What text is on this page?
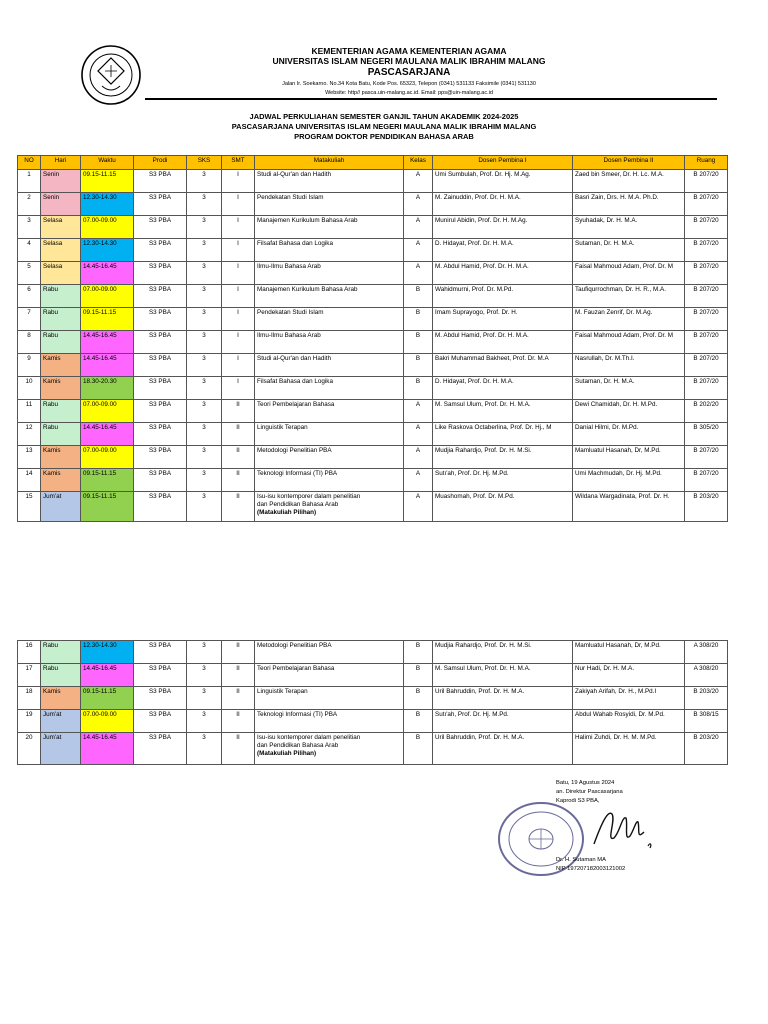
KEMENTERIAN AGAMA KEMENTERIAN AGAMA
UNIVERSITAS ISLAM NEGERI MAULANA MALIK IBRAHIM MALANG
PASCASARJANA
Jalan Ir. Soekarno. No.34 Kota Batu, Kode Pos. 65323, Telepon (0341) 531133 Faksimile (0341) 531130
Website: http// pasca.uin-malang.ac.id. Email: pps@uin-malang.ac.id
JADWAL PERKULIAHAN SEMESTER GANJIL TAHUN AKADEMIK 2024-2025
PASCASARJANA UNIVERSITAS ISLAM NEGERI MAULANA MALIK IBRAHIM MALANG
PROGRAM DOKTOR PENDIDIKAN BAHASA ARAB
NO	Hari	Waktu	Prodi	SKS	SMT	Matakuliah	Kelas	Dosen Pembina I	Dosen Pembina II	Ruang
1	Senin	09.15-11.15	S3 PBA	3	I	Studi al-Qur'an dan Hadith	A	Umi Sumbulah, Prof. Dr. Hj. M.Ag.	Zaed bin Smeer, Dr. H. Lc. M.A.	B 207/20
2	Senin	12.30-14.30	S3 PBA	3	I	Pendekatan Studi Islam	A	M. Zainuddin, Prof. Dr. H. M.A.	Basri Zain, Drs. H. M.A. Ph.D.	B 207/20
3	Selasa	07.00-09.00	S3 PBA	3	I	Manajemen Kurikulum Bahasa Arab	A	Munirul Abidin, Prof. Dr. H. M.Ag.	Syuhadak, Dr. H. M.A.	B 207/20
4	Selasa	12.30-14.30	S3 PBA	3	I	Filsafat Bahasa dan Logika	A	D. Hidayat, Prof. Dr. H. M.A.	Sutaman, Dr. H. M.A.	B 207/20
5	Selasa	14.45-16.45	S3 PBA	3	I	Ilmu-Ilmu Bahasa Arab	A	M. Abdul Hamid, Prof. Dr. H. M.A.	Faisal Mahmoud Adam, Prof. Dr. M	B 207/20
6	Rabu	07.00-09.00	S3 PBA	3	I	Manajemen Kurikulum Bahasa Arab	B	Wahidmurni, Prof. Dr. M.Pd.	Taufiqurrochman, Dr. H. R., M.A.	B 207/20
7	Rabu	09.15-11.15	S3 PBA	3	I	Pendekatan Studi Islam	B	Imam Suprayogo, Prof. Dr. H.	M. Fauzan Zenrif, Dr. M.Ag.	B 207/20
8	Rabu	14.45-16.45	S3 PBA	3	I	Ilmu-Ilmu Bahasa Arab	B	M. Abdul Hamid, Prof. Dr. H. M.A.	Faisal Mahmoud Adam, Prof. Dr. M	B 207/20
9	Kamis	14.45-16.45	S3 PBA	3	I	Studi al-Qur'an dan Hadith	B	Bakri Muhammad Bakheet, Prof. Dr. M.A	Nasrullah, Dr. M.Th.I.	B 207/20
10	Kamis	18.30-20.30	S3 PBA	3	I	Filsafat Bahasa dan Logika	B	D. Hidayat, Prof. Dr. H. M.A.	Sutaman, Dr. H. M.A.	B 207/20
11	Rabu	07.00-09.00	S3 PBA	3	II	Teori Pembelajaran Bahasa	A	M. Samsul Ulum, Prof. Dr. H. M.A.	Dewi Chamidah, Dr. H. M.Pd.	B 202/20
12	Rabu	14.45-16.45	S3 PBA	3	II	Linguistik Terapan	A	Like Raskova Octaberlina, Prof. Dr. Hj., M	Danial Hilmi, Dr. M.Pd.	B 305/20
13	Kamis	07.00-09.00	S3 PBA	3	II	Metodologi Penelitian PBA	A	Mudjia Rahardjo, Prof. Dr. H. M.Si.	Mamluatul Hasanah, Dr, M.Pd.	B 207/20
14	Kamis	09.15-11.15	S3 PBA	3	II	Teknologi Informasi (TI) PBA	A	Sutı'ah, Prof. Dr. Hj. M.Pd.	Umi Machmudah, Dr. Hj. M.Pd.	B 207/20
15	Jum'at	09.15-11.15	S3 PBA	3	II	Isu-isu kontemporer dalam penelitian
dan Pendidikan Bahasa Arab
(Matakuliah Pilihan)	A	Muashomah, Prof. Dr. M.Pd.	Wildana Wargadinata, Prof. Dr. H.	B 203/20
16	Rabu	12.30-14.30	S3 PBA	3	II	Metodologi Penelitian PBA	B	Mudjia Rahardjo, Prof. Dr. H. M.Si.	Mamluatul Hasanah, Dr, M.Pd.	A 308/20
17	Rabu	14.45-16.45	S3 PBA	3	II	Teori Pembelajaran Bahasa	B	M. Samsul Ulum, Prof. Dr. H. M.A.	Nur Hadi, Dr. H. M.A.	A 308/20
18	Kamis	09.15-11.15	S3 PBA	3	II	Linguistik Terapan	B	Uril Bahruddin, Prof. Dr. H. M.A.	Zakiyah Arifah, Dr. H., M.Pd.I	B 203/20
19	Jum'at	07.00-09.00	S3 PBA	3	II	Teknologi Informasi (TI) PBA	B	Sutı'ah, Prof. Dr. Hj. M.Pd.	Abdul Wahab Rosyidi, Dr. M.Pd.	B 308/15
20	Jum'at	14.45-16.45	S3 PBA	3	II	Isu-isu kontemporer dalam penelitian
dan Pendidikan Bahasa Arab
(Matakuliah Pilihan)	B	Uril Bahruddin, Prof. Dr. H. M.A.	Halimi Zuhdi, Dr. H. M. M.Pd.	B 203/20
Batu, 19 Agustus 2024
an. Direktur Pascasarjana
Kaprodi S3 PBA,
Dr. H. Sutaman MA
NIP 197207182003121002
